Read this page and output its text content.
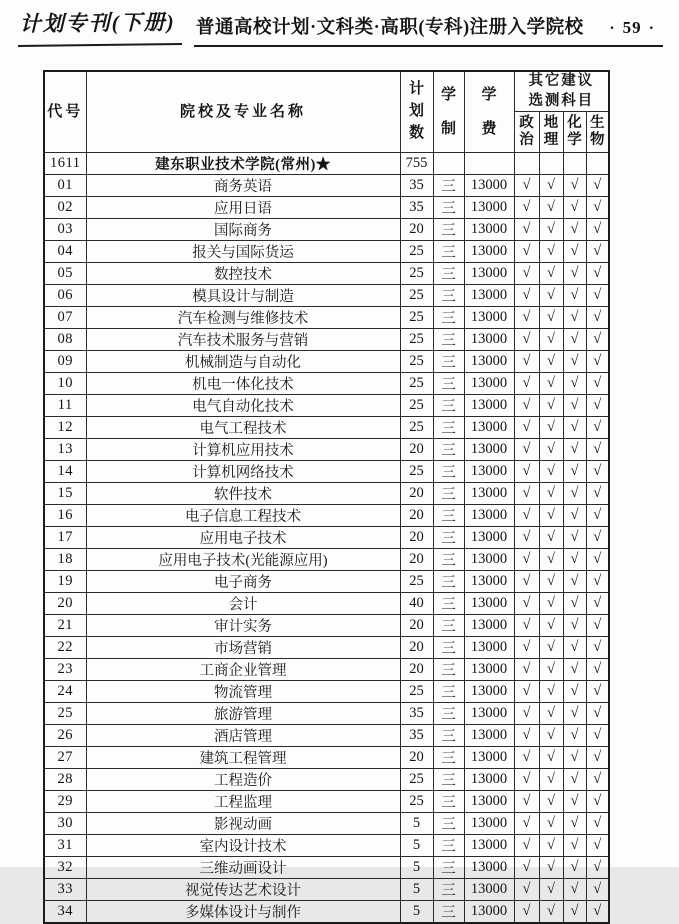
计划专刊(下册)	普通高校计划·文科类·高职(专科)注册入学院校 · 59 ·
代号	院校及专业名称	计划数	学制	学费	其它建议选测科目			
					政治	地理	化学	生物
1611	建东职业技术学院(常州)★	755						
01	商务英语	35	三	13000	√	√	√	√
02	应用日语	35	三	13000	√	√	√	√
03	国际商务	20	三	13000	√	√	√	√
04	报关与国际货运	25	三	13000	√	√	√	√
05	数控技术	25	三	13000	√	√	√	√
06	模具设计与制造	25	三	13000	√	√	√	√
07	汽车检测与维修技术	25	三	13000	√	√	√	√
08	汽车技术服务与营销	25	三	13000	√	√	√	√
09	机械制造与自动化	25	三	13000	√	√	√	√
10	机电一体化技术	25	三	13000	√	√	√	√
11	电气自动化技术	25	三	13000	√	√	√	√
12	电气工程技术	25	三	13000	√	√	√	√
13	计算机应用技术	20	三	13000	√	√	√	√
14	计算机网络技术	25	三	13000	√	√	√	√
15	软件技术	20	三	13000	√	√	√	√
16	电子信息工程技术	20	三	13000	√	√	√	√
17	应用电子技术	20	三	13000	√	√	√	√
18	应用电子技术(光能源应用)	20	三	13000	√	√	√	√
19	电子商务	25	三	13000	√	√	√	√
20	会计	40	三	13000	√	√	√	√
21	审计实务	20	三	13000	√	√	√	√
22	市场营销	20	三	13000	√	√	√	√
23	工商企业管理	20	三	13000	√	√	√	√
24	物流管理	25	三	13000	√	√	√	√
25	旅游管理	35	三	13000	√	√	√	√
26	酒店管理	35	三	13000	√	√	√	√
27	建筑工程管理	20	三	13000	√	√	√	√
28	工程造价	25	三	13000	√	√	√	√
29	工程监理	25	三	13000	√	√	√	√
30	影视动画	5	三	13000	√	√	√	√
31	室内设计技术	5	三	13000	√	√	√	√
32	三维动画设计	5	三	13000	√	√	√	√
33	视觉传达艺术设计	5	三	13000	√	√	√	√
34	多媒体设计与制作	5	三	13000	√	√	√	√
